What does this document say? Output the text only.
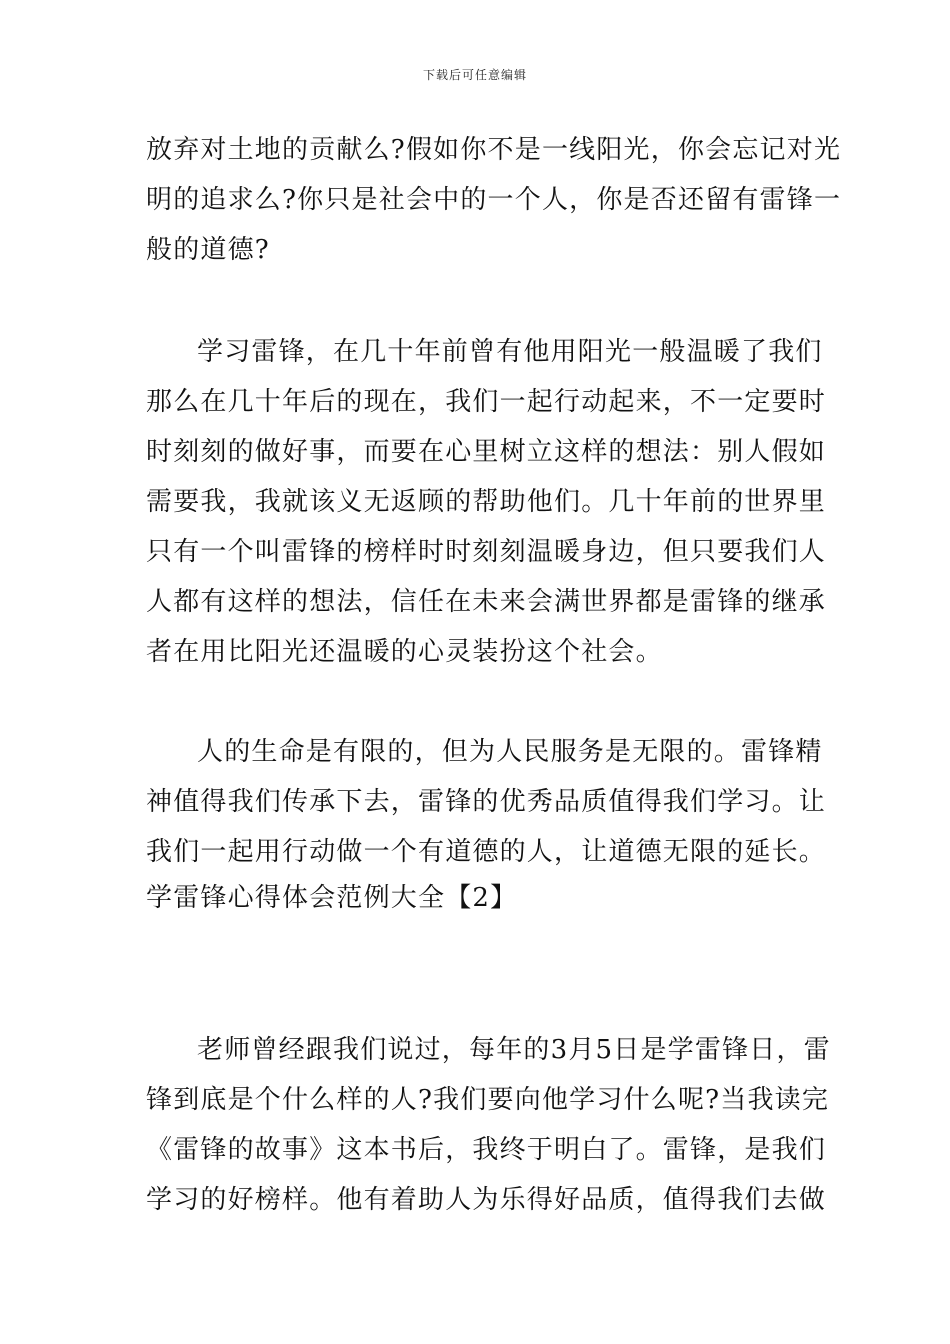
下载后可任意编辑
放弃对土地的贡献么?假如你不是一线阳光，你会忘记对光
明的追求么?你只是社会中的一个人，你是否还留有雷锋一
般的道德?
学习雷锋，在几十年前曾有他用阳光一般温暖了我们
那么在几十年后的现在，我们一起行动起来，不一定要时
时刻刻的做好事，而要在心里树立这样的想法：别人假如
需要我，我就该义无返顾的帮助他们。几十年前的世界里
只有一个叫雷锋的榜样时时刻刻温暖身边，但只要我们人
人都有这样的想法，信任在未来会满世界都是雷锋的继承
者在用比阳光还温暖的心灵装扮这个社会。
人的生命是有限的，但为人民服务是无限的。雷锋精
神值得我们传承下去，雷锋的优秀品质值得我们学习。让
我们一起用行动做一个有道德的人，让道德无限的延长。
学雷锋心得体会范例大全【2】
老师曾经跟我们说过，每年的3月5日是学雷锋日，雷
锋到底是个什么样的人?我们要向他学习什么呢?当我读完
《雷锋的故事》这本书后，我终于明白了。雷锋，是我们
学习的好榜样。他有着助人为乐得好品质，值得我们去做
